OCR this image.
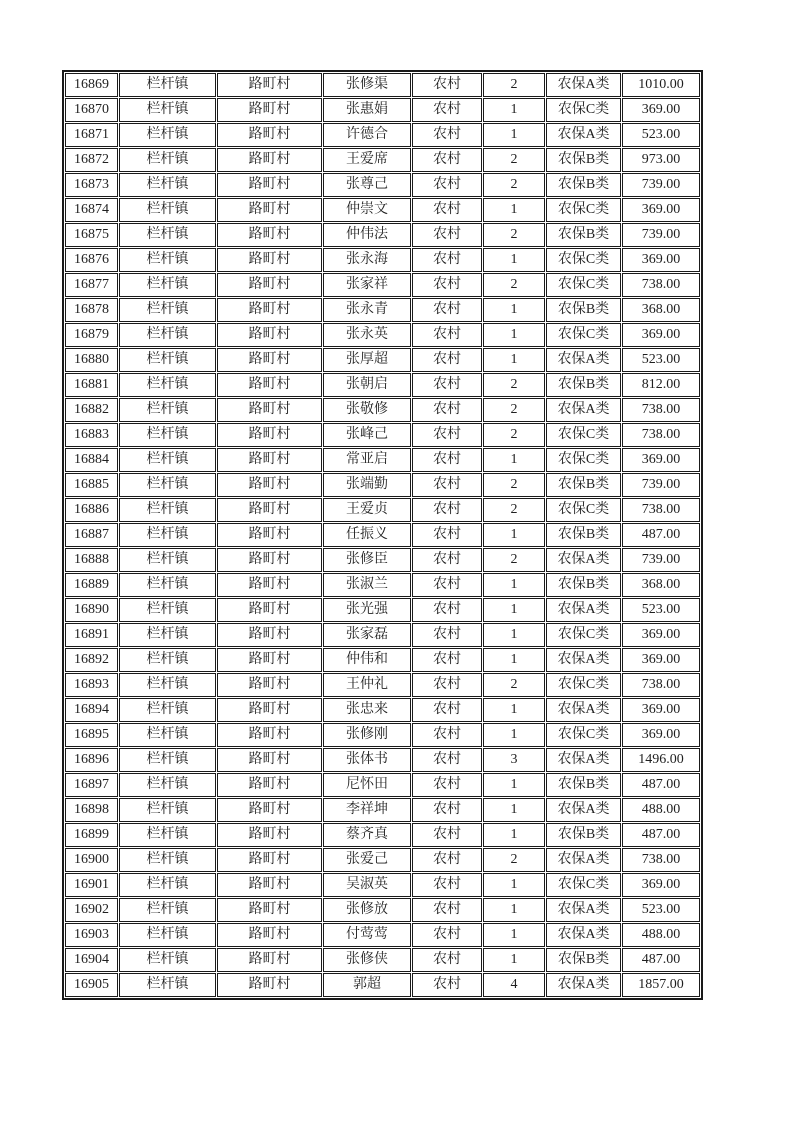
16869	栏杆镇	路町村	张修渠	农村	2	农保A类	1010.00
16870	栏杆镇	路町村	张惠娟	农村	1	农保C类	369.00
16871	栏杆镇	路町村	许德合	农村	1	农保A类	523.00
16872	栏杆镇	路町村	王爱席	农村	2	农保B类	973.00
16873	栏杆镇	路町村	张尊己	农村	2	农保B类	739.00
16874	栏杆镇	路町村	仲崇文	农村	1	农保C类	369.00
16875	栏杆镇	路町村	仲伟法	农村	2	农保B类	739.00
16876	栏杆镇	路町村	张永海	农村	1	农保C类	369.00
16877	栏杆镇	路町村	张家祥	农村	2	农保C类	738.00
16878	栏杆镇	路町村	张永青	农村	1	农保B类	368.00
16879	栏杆镇	路町村	张永英	农村	1	农保C类	369.00
16880	栏杆镇	路町村	张厚超	农村	1	农保A类	523.00
16881	栏杆镇	路町村	张朝启	农村	2	农保B类	812.00
16882	栏杆镇	路町村	张敬修	农村	2	农保A类	738.00
16883	栏杆镇	路町村	张峰己	农村	2	农保C类	738.00
16884	栏杆镇	路町村	常亚启	农村	1	农保C类	369.00
16885	栏杆镇	路町村	张端勤	农村	2	农保B类	739.00
16886	栏杆镇	路町村	王爱贞	农村	2	农保C类	738.00
16887	栏杆镇	路町村	任振义	农村	1	农保B类	487.00
16888	栏杆镇	路町村	张修臣	农村	2	农保A类	739.00
16889	栏杆镇	路町村	张淑兰	农村	1	农保B类	368.00
16890	栏杆镇	路町村	张光强	农村	1	农保A类	523.00
16891	栏杆镇	路町村	张家磊	农村	1	农保C类	369.00
16892	栏杆镇	路町村	仲伟和	农村	1	农保A类	369.00
16893	栏杆镇	路町村	王仲礼	农村	2	农保C类	738.00
16894	栏杆镇	路町村	张忠来	农村	1	农保A类	369.00
16895	栏杆镇	路町村	张修刚	农村	1	农保C类	369.00
16896	栏杆镇	路町村	张体书	农村	3	农保A类	1496.00
16897	栏杆镇	路町村	尼怀田	农村	1	农保B类	487.00
16898	栏杆镇	路町村	李祥坤	农村	1	农保A类	488.00
16899	栏杆镇	路町村	蔡齐真	农村	1	农保B类	487.00
16900	栏杆镇	路町村	张爱己	农村	2	农保A类	738.00
16901	栏杆镇	路町村	吴淑英	农村	1	农保C类	369.00
16902	栏杆镇	路町村	张修放	农村	1	农保A类	523.00
16903	栏杆镇	路町村	付莺莺	农村	1	农保A类	488.00
16904	栏杆镇	路町村	张修侠	农村	1	农保B类	487.00
16905	栏杆镇	路町村	郭超	农村	4	农保A类	1857.00
